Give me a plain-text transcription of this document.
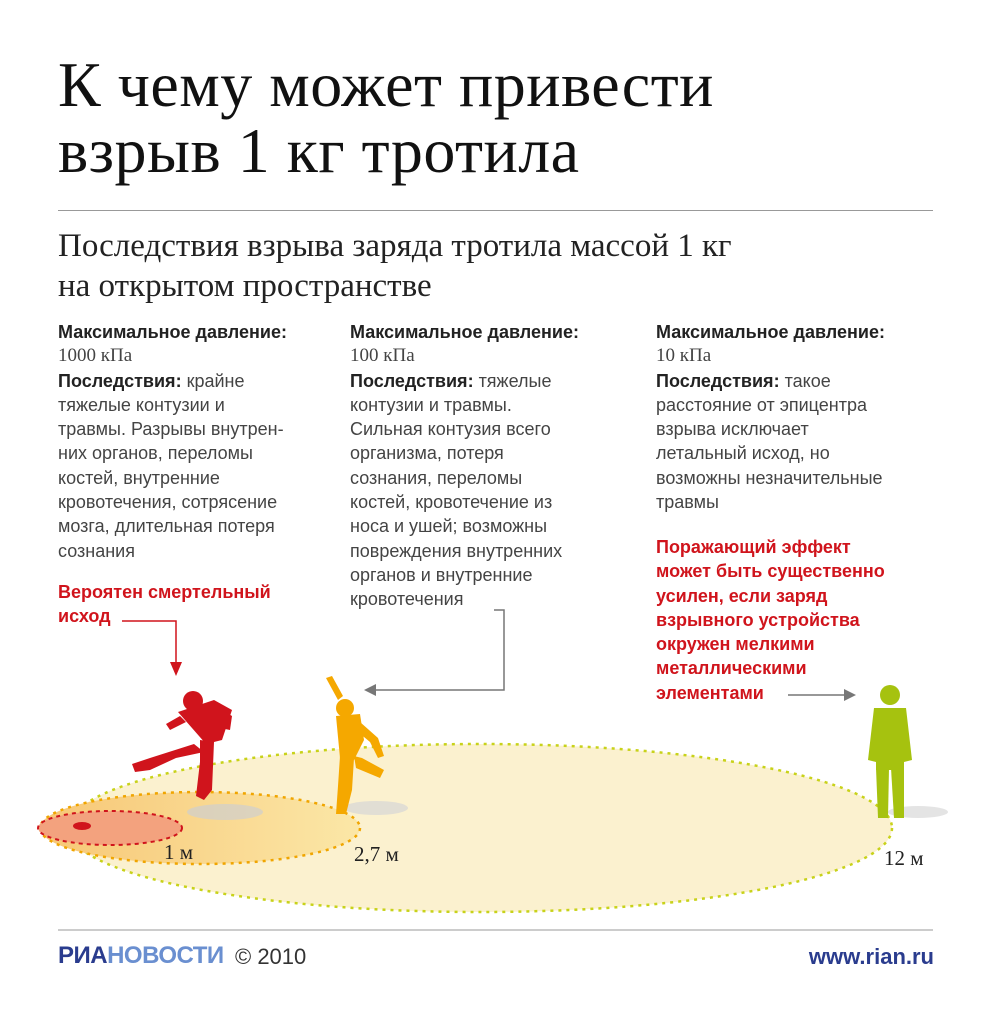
К чему может привести
взрыв 1 кг тротила
Последствия взрыва заряда тротила массой 1 кг
на открытом пространстве
Максимальное давление:
1000 кПа

Последствия: крайне
тяжелые контузии и
травмы. Разрывы внутрен-
них органов, переломы
костей, внутренние
кровотечения, сотрясение
мозга, длительная потеря
сознания

Максимальное давление:
100 кПа

Последствия: тяжелые
контузии и травмы.
Сильная контузия всего
организма, потеря
сознания, переломы
костей, кровотечение из
носа и ушей; возможны
повреждения внутренних
органов и внутренние
кровотечения

Максимальное давление:
10 кПа

Последствия: такое
расстояние от эпицентра
взрыва исключает
летальный исход, но
возможны незначительные
травмы

Вероятен смертельный
исход
Поражающий эффект
может быть существенно
усилен, если заряд
взрывного устройства
окружен мелкими
металлическими
элементами
1 м	2,7 м	12 м
РИАНОВОСТИ © 2010	www.rian.ru
